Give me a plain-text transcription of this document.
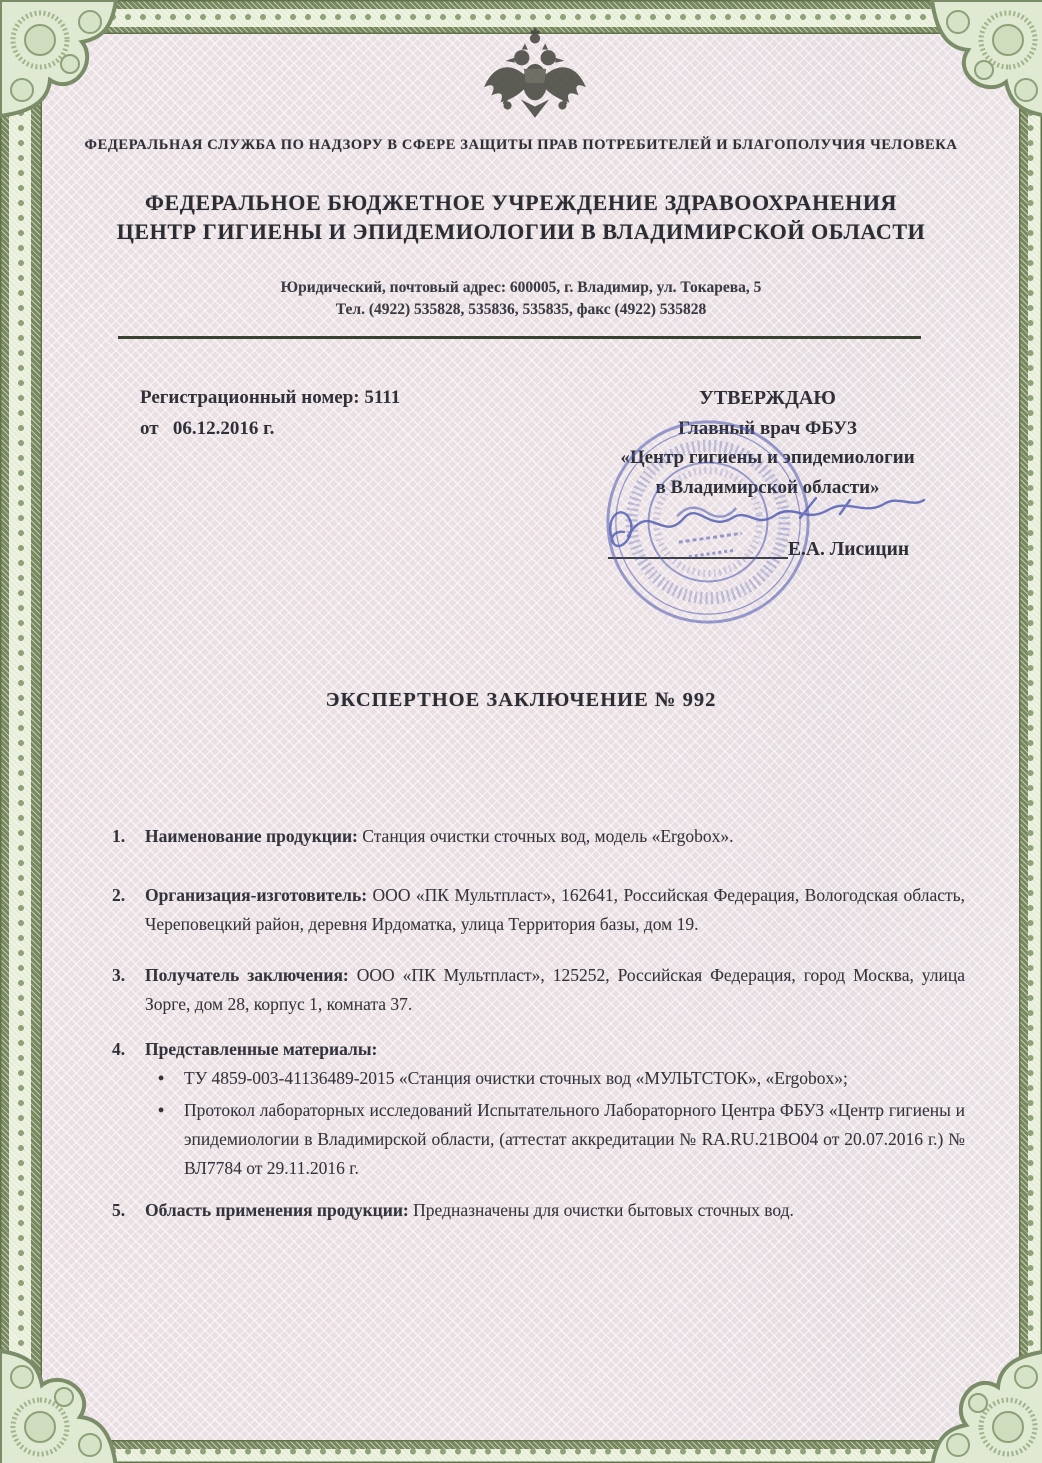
ФЕДЕРАЛЬНАЯ СЛУЖБА ПО НАДЗОРУ В СФЕРЕ ЗАЩИТЫ ПРАВ ПОТРЕБИТЕЛЕЙ И БЛАГОПОЛУЧИЯ ЧЕЛОВЕКА
ФЕДЕРАЛЬНОЕ БЮДЖЕТНОЕ УЧРЕЖДЕНИЕ ЗДРАВООХРАНЕНИЯ
ЦЕНТР ГИГИЕНЫ И ЭПИДЕМИОЛОГИИ В ВЛАДИМИРСКОЙ ОБЛАСТИ
Юридический, почтовый адрес: 600005, г. Владимир, ул. Токарева, 5
Тел. (4922) 535828, 535836, 535835, факс (4922) 535828
Регистрационный номер: 5111
от   06.12.2016 г.
УТВЕРЖДАЮ
Главный врач ФБУЗ
«Центр гигиены и эпидемиологии
в Владимирской области»
Е.А. Лисицин
ЭКСПЕРТНОЕ ЗАКЛЮЧЕНИЕ № 992
1.	Наименование продукции: Станция очистки сточных вод, модель «Ergobox».
2.	Организация-изготовитель: ООО «ПК Мультпласт», 162641, Российская Федерация, Вологодская область, Череповецкий район, деревня Ирдоматка, улица Территория базы, дом 19.
3.	Получатель заключения: ООО «ПК Мультпласт», 125252, Российская Федерация, город Москва, улица Зорге, дом 28, корпус 1, комната 37.
4.	Представленные материалы:
•	ТУ 4859-003-41136489-2015 «Станция очистки сточных вод «МУЛЬТСТОК», «Ergobox»;
•	Протокол лабораторных исследований Испытательного Лабораторного Центра ФБУЗ «Центр гигиены и эпидемиологии в Владимирской области, (аттестат аккредитации № RA.RU.21ВО04 от 20.07.2016 г.) № ВЛ7784 от 29.11.2016 г.
5.	Область применения продукции: Предназначены для очистки бытовых сточных вод.
